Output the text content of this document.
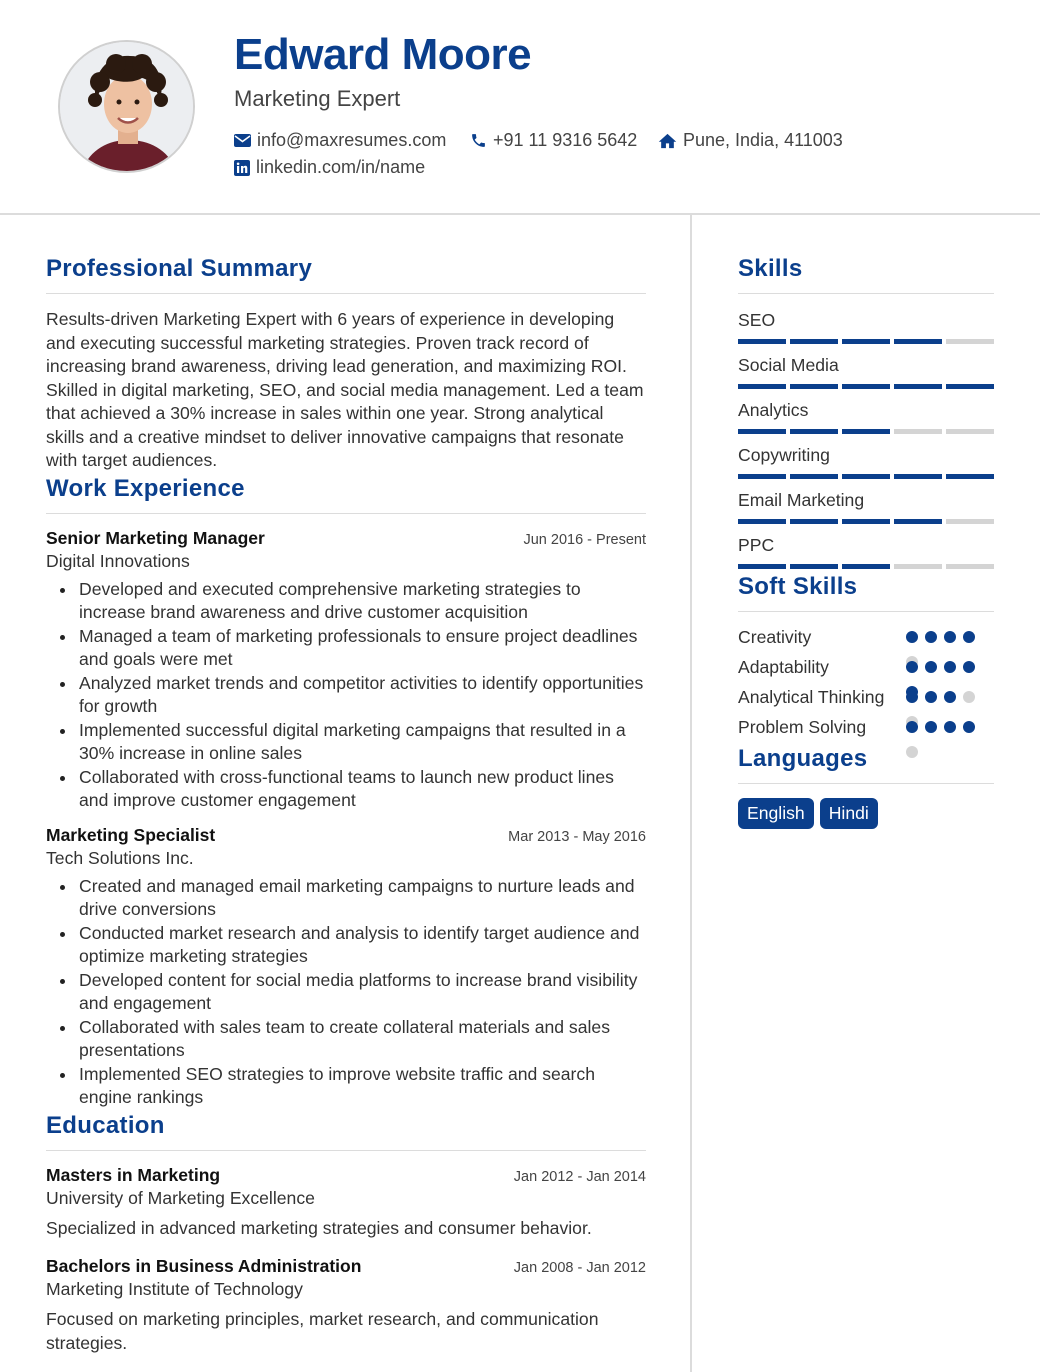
Edward Moore
Marketing Expert
info@maxresumes.com	+91 11 9316 5642	Pune, India, 411003
linkedin.com/in/name
Professional Summary

Results-driven Marketing Expert with 6 years of experience in developing and executing successful marketing strategies. Proven track record of increasing brand awareness, driving lead generation, and maximizing ROI. Skilled in digital marketing, SEO, and social media management. Led a team that achieved a 30% increase in sales within one year. Strong analytical skills and a creative mindset to deliver innovative campaigns that resonate with target audiences.

Work Experience
Senior Marketing Manager	Jun 2016 - Present
Digital Innovations
Developed and executed comprehensive marketing strategies to increase brand awareness and drive customer acquisition
Managed a team of marketing professionals to ensure project deadlines and goals were met
Analyzed market trends and competitor activities to identify opportunities for growth
Implemented successful digital marketing campaigns that resulted in a 30% increase in online sales
Collaborated with cross-functional teams to launch new product lines and improve customer engagement
Marketing Specialist	Mar 2013 - May 2016
Tech Solutions Inc.
Created and managed email marketing campaigns to nurture leads and drive conversions
Conducted market research and analysis to identify target audience and optimize marketing strategies
Developed content for social media platforms to increase brand visibility and engagement
Collaborated with sales team to create collateral materials and sales presentations
Implemented SEO strategies to improve website traffic and search engine rankings
Education
Masters in Marketing	Jan 2012 - Jan 2014
University of Marketing Excellence

Specialized in advanced marketing strategies and consumer behavior.

Bachelors in Business Administration	Jan 2008 - Jan 2012
Marketing Institute of Technology

Focused on marketing principles, market research, and communication strategies.

Skills
SEO
Social Media
Analytics
Copywriting
Email Marketing
PPC
Soft Skills
Creativity
Adaptability
Analytical Thinking
Problem Solving
Languages
English	Hindi
